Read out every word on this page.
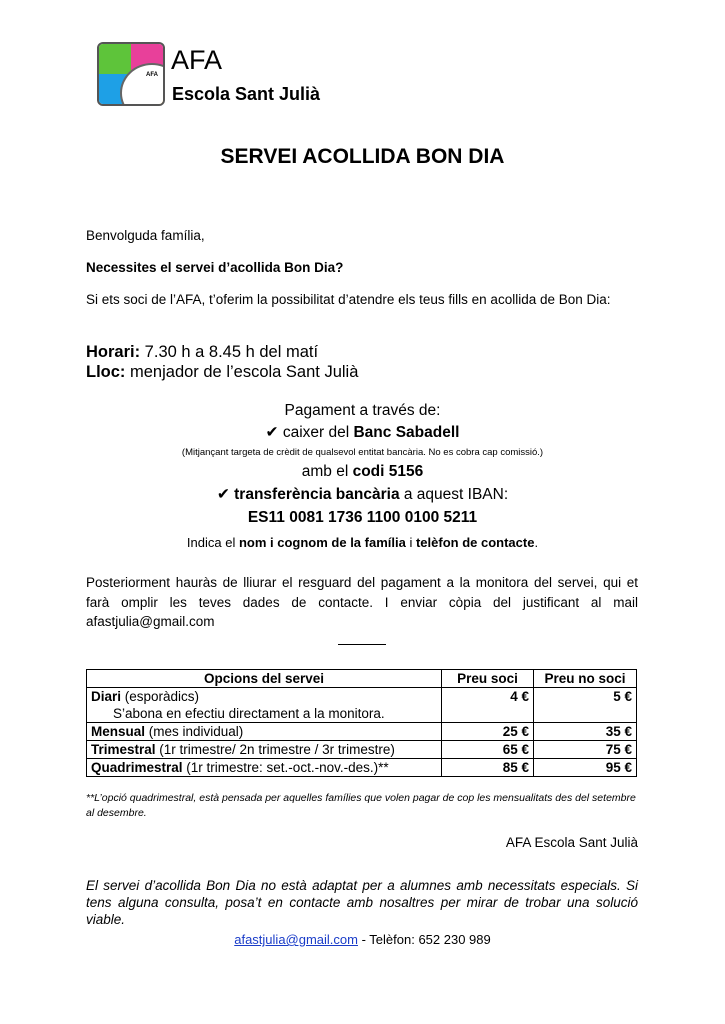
AFA AFA
Escola Sant Julià
SERVEI ACOLLIDA BON DIA
Benvolguda família,
Necessites el servei d’acollida Bon Dia?
Si ets soci de l’AFA, t’oferim la possibilitat d’atendre els teus fills en acollida de Bon Dia:
Horari: 7.30 h a 8.45 h del matí
Lloc: menjador de l’escola Sant Julià
Pagament a través de:
✔ caixer del Banc Sabadell
(Mitjançant targeta de crèdit de qualsevol entitat bancària. No es cobra cap comissió.)
amb el codi 5156
✔ transferència bancària a aquest IBAN:
ES11 0081 1736 1100 0100 5211
Indica el nom i cognom de la família i telèfon de contacte.
Posteriorment hauràs de lliurar el resguard del pagament a la monitora del servei, qui et farà omplir les teves dades de contacte. I enviar còpia del justificant al mail afastjulia@gmail.com
Opcions del servei	Preu soci	Preu no soci
Diari (esporàdics)
S’abona en efectiu directament a la monitora.	4 €	5 €
Mensual (mes individual)	25 €	35 €
Trimestral (1r trimestre/ 2n trimestre / 3r trimestre)	65 €	75 €
Quadrimestral (1r trimestre: set.-oct.-nov.-des.)**	85 €	95 €
**L’opció quadrimestral, està pensada per aquelles famílies que volen pagar de cop les mensualitats des del setembre al desembre.
AFA Escola Sant Julià
El servei d’acollida Bon Dia no està adaptat per a alumnes amb necessitats especials. Si tens alguna consulta, posa’t en contacte amb nosaltres per mirar de trobar una solució viable.
afastjulia@gmail.com - Telèfon: 652 230 989
